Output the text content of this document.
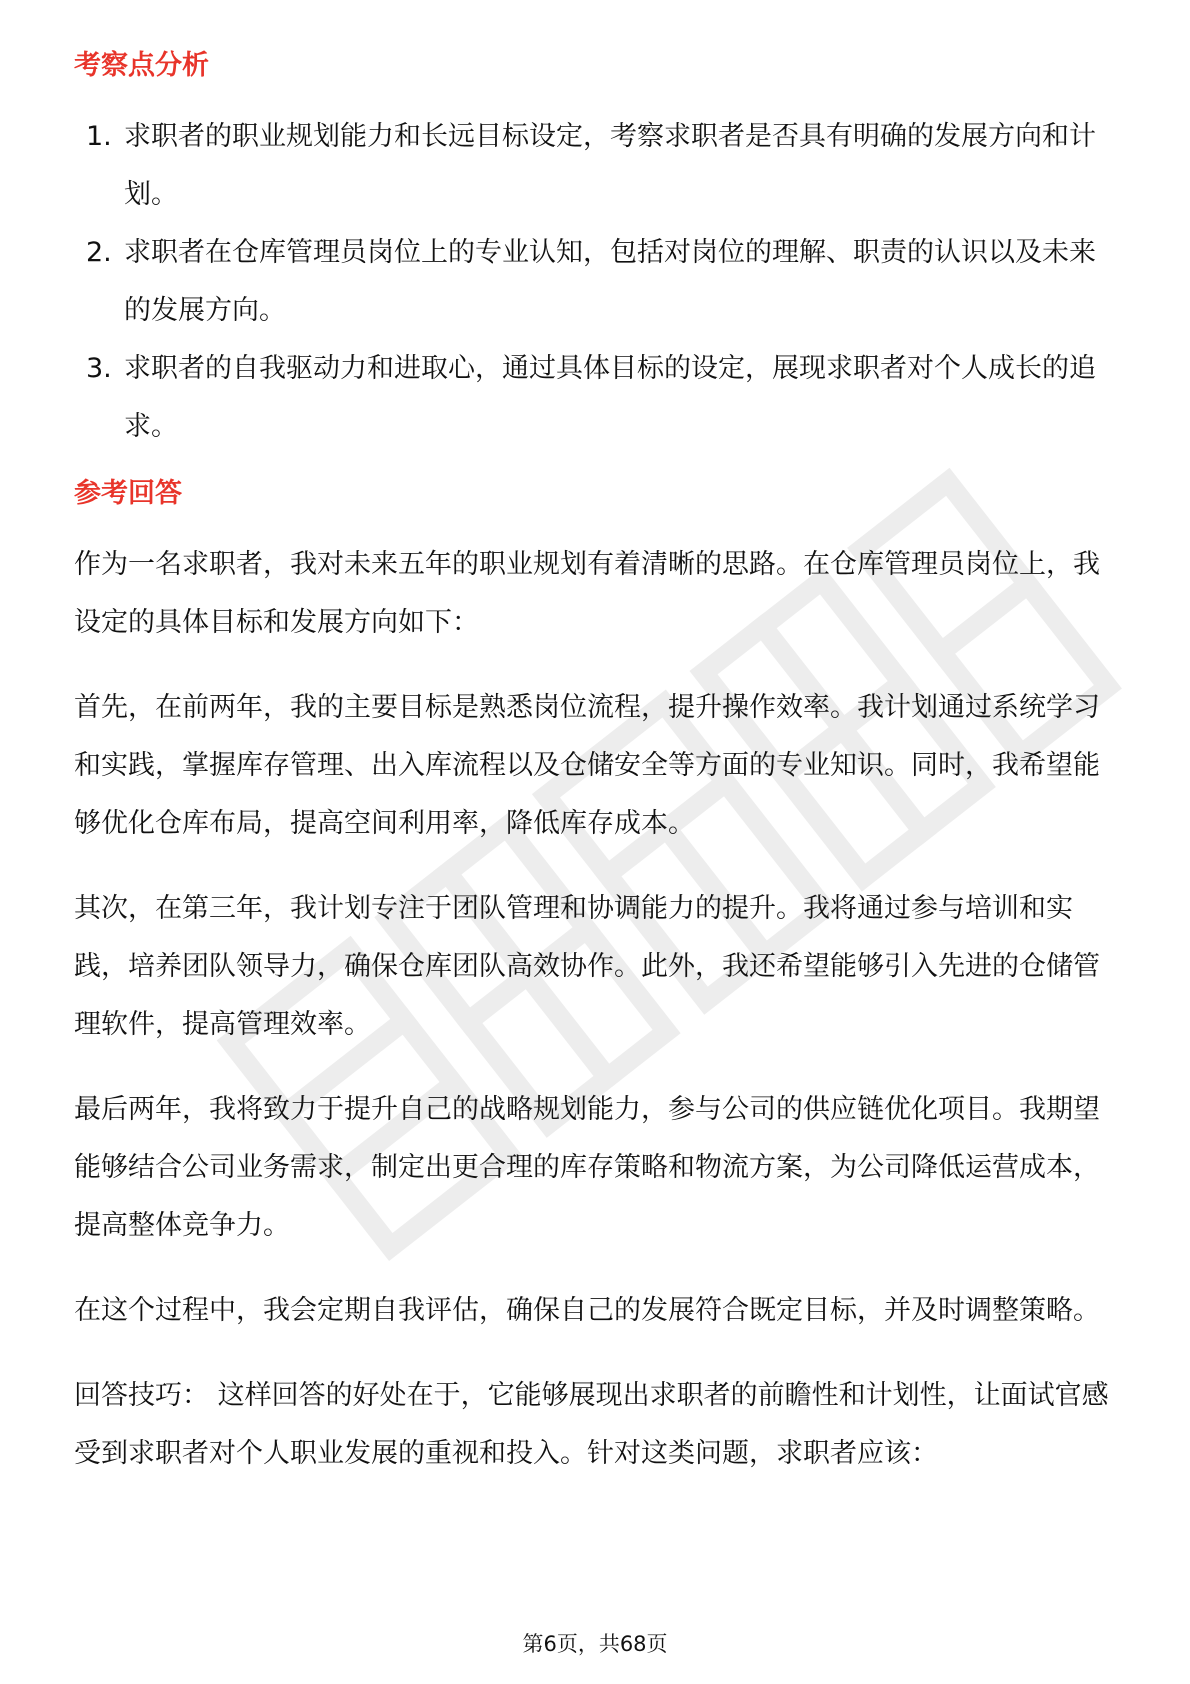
考察点分析
1. 求职者的职业规划能力和长远目标设定，考察求职者是否具有明确的发展方向和计划。
2. 求职者在仓库管理员岗位上的专业认知，包括对岗位的理解、职责的认识以及未来的发展方向。
3. 求职者的自我驱动力和进取心，通过具体目标的设定，展现求职者对个人成长的追求。
参考回答

作为一名求职者，我对未来五年的职业规划有着清晰的思路。在仓库管理员岗位上，我设定的具体目标和发展方向如下：

首先，在前两年，我的主要目标是熟悉岗位流程，提升操作效率。我计划通过系统学习和实践，掌握库存管理、出入库流程以及仓储安全等方面的专业知识。同时，我希望能够优化仓库布局，提高空间利用率，降低库存成本。

其次，在第三年，我计划专注于团队管理和协调能力的提升。我将通过参与培训和实践，培养团队领导力，确保仓库团队高效协作。此外，我还希望能够引入先进的仓储管理软件，提高管理效率。

最后两年，我将致力于提升自己的战略规划能力，参与公司的供应链优化项目。我期望能够结合公司业务需求，制定出更合理的库存策略和物流方案，为公司降低运营成本，提高整体竞争力。

在这个过程中，我会定期自我评估，确保自己的发展符合既定目标，并及时调整策略。

回答技巧： 这样回答的好处在于，它能够展现出求职者的前瞻性和计划性，让面试官感受到求职者对个人职业发展的重视和投入。针对这类问题，求职者应该：

第6页，共68页
